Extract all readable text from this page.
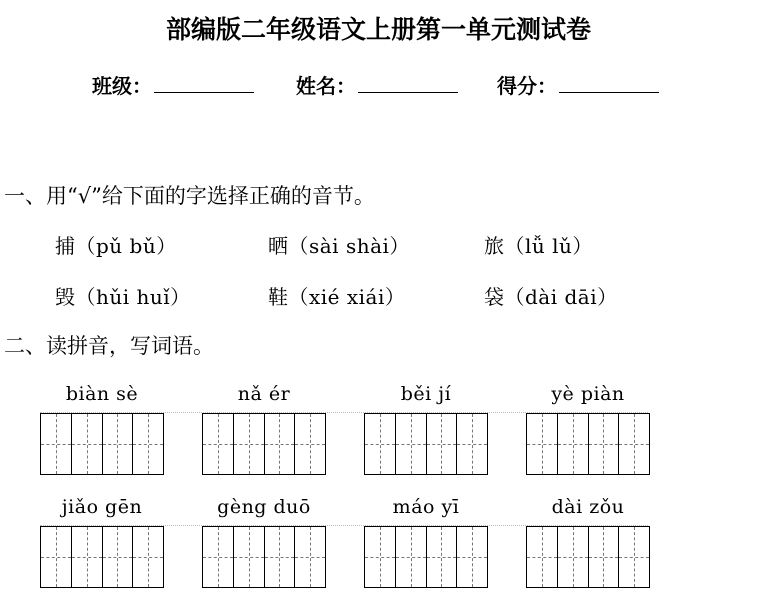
部编版二年级语文上册第一单元测试卷
班级：	姓名：	得分：
一、用“√”给下面的字选择正确的音节。
捕（pǔ bǔ）	晒（sài shài）	旅（lǚ lǔ）
毁（hǔi huǐ）	鞋（xié xiái）	袋（dài dāi）
二、读拼音，写词语。
biàn sè	nǎ ér	běi jí	yè piàn
jiǎo gēn	gèng duō	máo yī	dài zǒu
